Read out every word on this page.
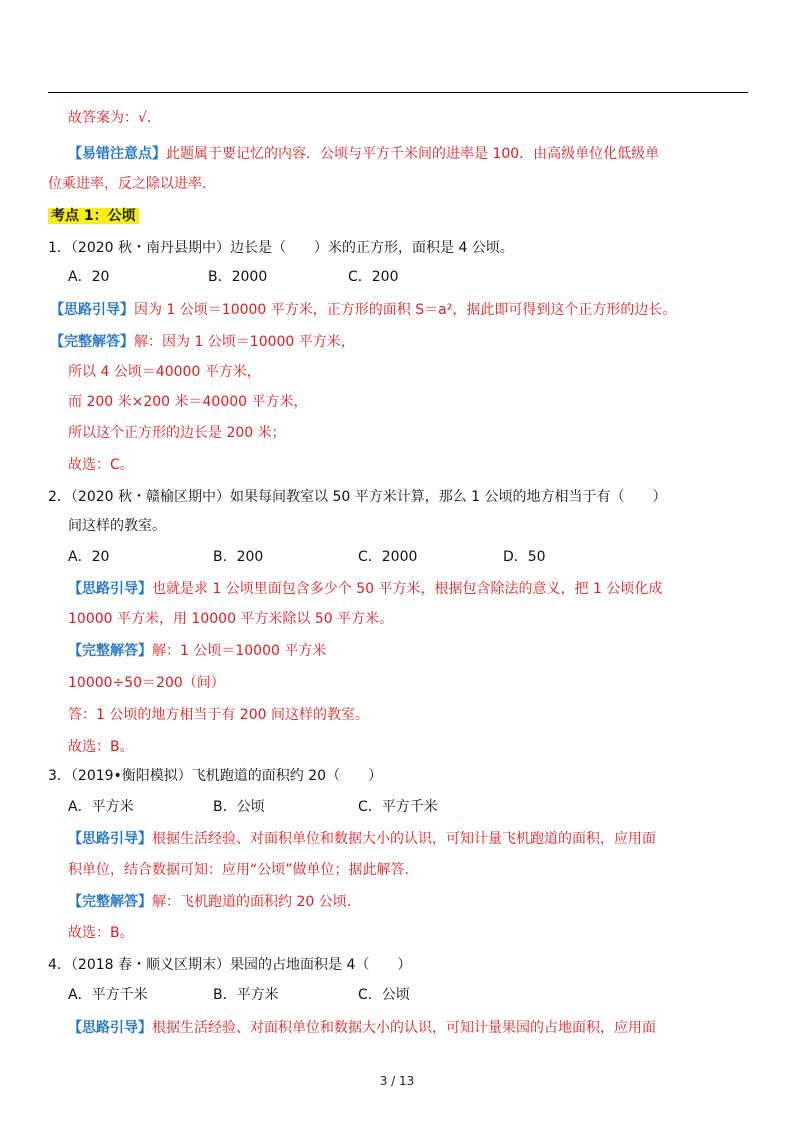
故答案为：√．
【易错注意点】此题属于要记忆的内容．公顷与平方千米间的进率是 100．由高级单位化低级单
位乘进率，反之除以进率．
考点 1：公顷
1．（2020 秋・南丹县期中）边长是（　　）米的正方形，面积是 4 公顷。
A．20	B．2000	C．200
【思路引导】因为 1 公顷＝10000 平方米，正方形的面积 S＝a²，据此即可得到这个正方形的边长。
【完整解答】解：因为 1 公顷＝10000 平方米，
所以 4 公顷＝40000 平方米，
而 200 米×200 米＝40000 平方米，
所以这个正方形的边长是 200 米；
故选：C。
2．（2020 秋・赣榆区期中）如果每间教室以 50 平方米计算，那么 1 公顷的地方相当于有（　　）
间这样的教室。
A．20	B．200	C．2000	D．50
【思路引导】也就是求 1 公顷里面包含多少个 50 平方米，根据包含除法的意义，把 1 公顷化成
10000 平方米，用 10000 平方米除以 50 平方米。
【完整解答】解：1 公顷＝10000 平方米
10000÷50＝200（间）
答：1 公顷的地方相当于有 200 间这样的教室。
故选：B。
3．（2019•衡阳模拟）飞机跑道的面积约 20（　　）
A．平方米	B．公顷	C．平方千米
【思路引导】根据生活经验、对面积单位和数据大小的认识，可知计量飞机跑道的面积，应用面
积单位，结合数据可知：应用“公顷”做单位；据此解答．
【完整解答】解：飞机跑道的面积约 20 公顷．
故选：B。
4．（2018 春・顺义区期末）果园的占地面积是 4（　　）
A．平方千米	B．平方米	C．公顷
【思路引导】根据生活经验、对面积单位和数据大小的认识，可知计量果园的占地面积，应用面
3 / 13
